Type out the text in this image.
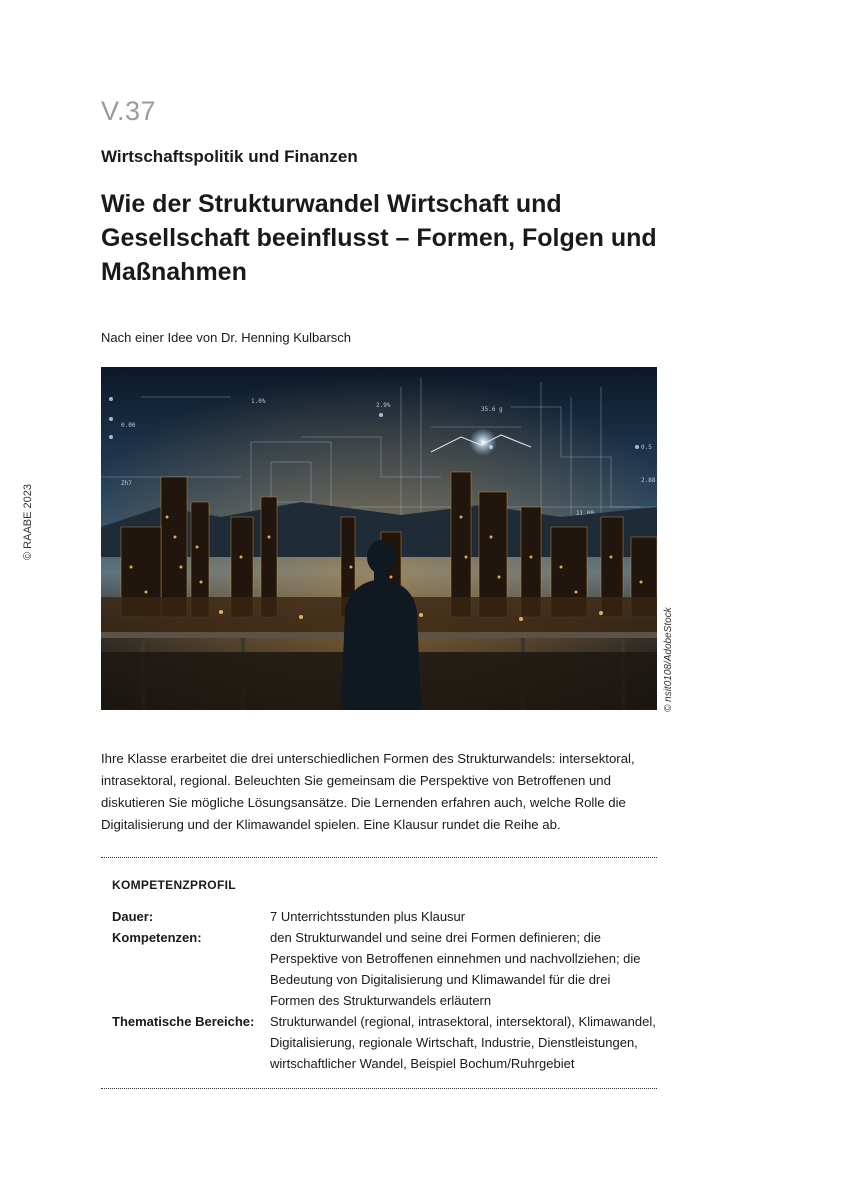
V.37
Wirtschaftspolitik und Finanzen
Wie der Strukturwandel Wirtschaft und Gesellschaft beeinflusst – Formen, Folgen und Maßnahmen
Nach einer Idee von Dr. Henning Kulbarsch
© RAABE 2023
2.9%
35.6 g
1.0%
0.5
2.88
11.00
Zh7
0.00
© nsit0108/AdobeStock

Ihre Klasse erarbeitet die drei unterschiedlichen Formen des Strukturwandels: intersektoral, intrasektoral, regional. Beleuchten Sie gemeinsam die Perspektive von Betroffenen und diskutieren Sie mögliche Lösungsansätze. Die Lernenden erfahren auch, welche Rolle die Digitalisierung und der Klimawandel spielen. Eine Klausur rundet die Reihe ab.

KOMPETENZPROFIL
Dauer:	7 Unterrichtsstunden plus Klausur
Kompetenzen:	den Strukturwandel und seine drei Formen definieren; die Perspektive von Betroffenen einnehmen und nachvollziehen; die Bedeutung von Digitalisierung und Klimawandel für die drei Formen des Strukturwandels erläutern
Thematische Bereiche:	Strukturwandel (regional, intrasektoral, intersektoral), Klimawandel, Digitalisierung, regionale Wirtschaft, Industrie, Dienstleistungen, wirtschaftlicher Wandel, Beispiel Bochum/Ruhrgebiet
